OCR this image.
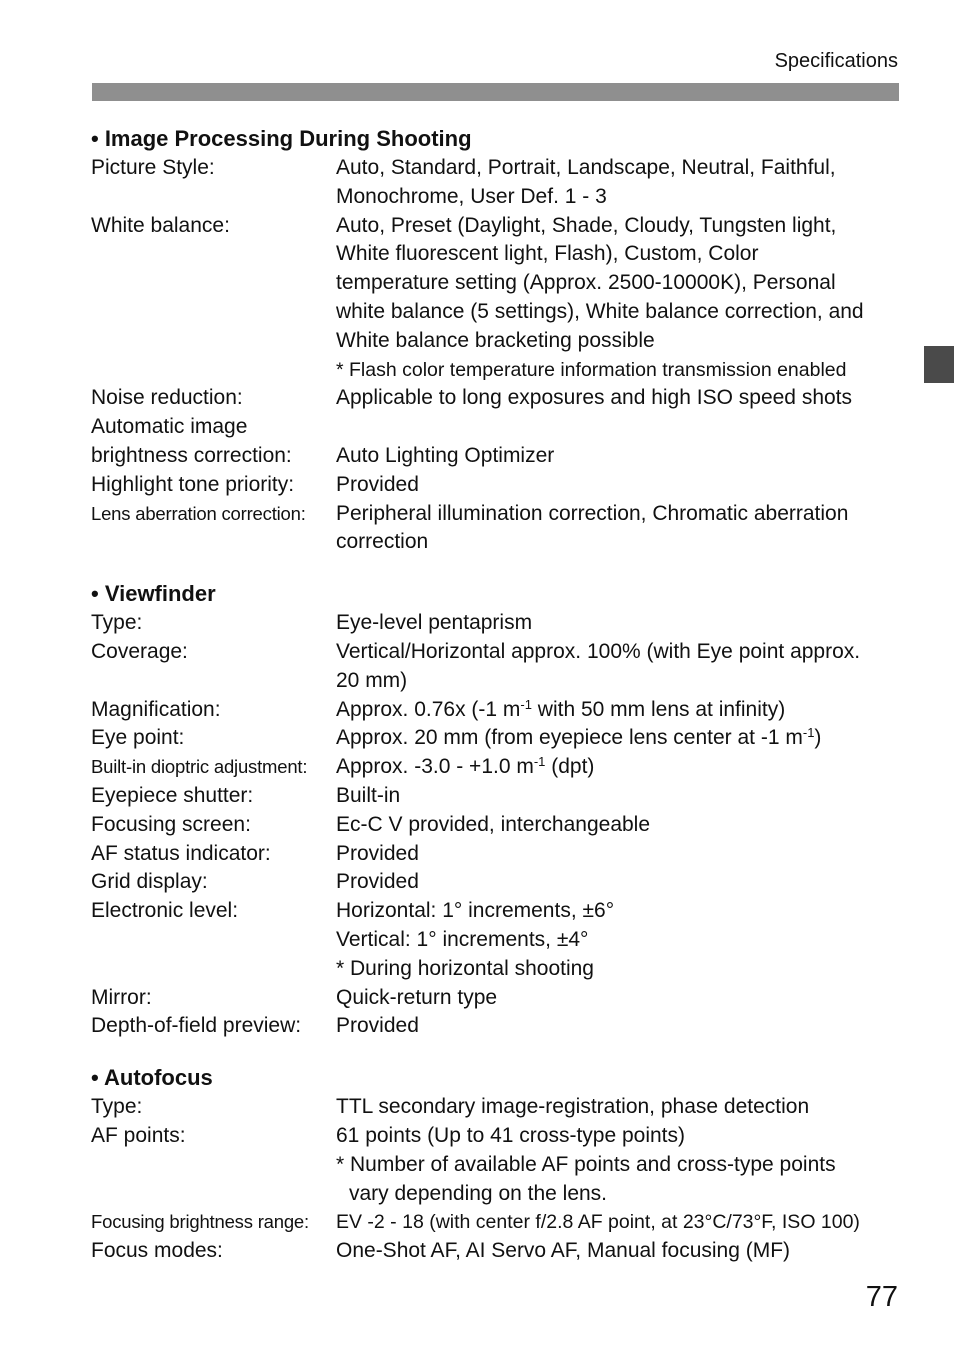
Specifications
• Image Processing During Shooting
Picture Style:	Auto, Standard, Portrait, Landscape, Neutral, Faithful,
Monochrome, User Def. 1 - 3
White balance:	Auto, Preset (Daylight, Shade, Cloudy, Tungsten light,
White fluorescent light, Flash), Custom, Color
temperature setting (Approx. 2500-10000K), Personal
white balance (5 settings), White balance correction, and
White balance bracketing possible
* Flash color temperature information transmission enabled
Noise reduction:	Applicable to long exposures and high ISO speed shots
Automatic image
brightness correction:
	Auto Lighting Optimizer
Highlight tone priority:	Provided
Lens aberration correction:	Peripheral illumination correction, Chromatic aberration
correction
• Viewfinder
Type:	Eye-level pentaprism
Coverage:	Vertical/Horizontal approx. 100% (with Eye point approx.
20 mm)
Magnification:	Approx. 0.76x (-1 $m^{-1}$ with 50 mm lens at infinity)
Eye point:	Approx. 20 mm (from eyepiece lens center at -1 $m^{-1}$)
Built-in dioptric adjustment:	Approx. -3.0 - +1.0 $m^{-1}$ (dpt)
Eyepiece shutter:	Built-in
Focusing screen:	Ec-C V provided, interchangeable
AF status indicator:	Provided
Grid display:	Provided
Electronic level:	Horizontal: 1° increments, ±6°
Vertical: 1° increments, ±4°
* During horizontal shooting
Mirror:	Quick-return type
Depth-of-field preview:	Provided
• Autofocus
Type:	TTL secondary image-registration, phase detection
AF points:	61 points (Up to 41 cross-type points)
* Number of available AF points and cross-type points
vary depending on the lens.
Focusing brightness range:	EV -2 - 18 (with center f/2.8 AF point, at 23°C/73°F, ISO 100)
Focus modes:	One-Shot AF, AI Servo AF, Manual focusing (MF)
77
